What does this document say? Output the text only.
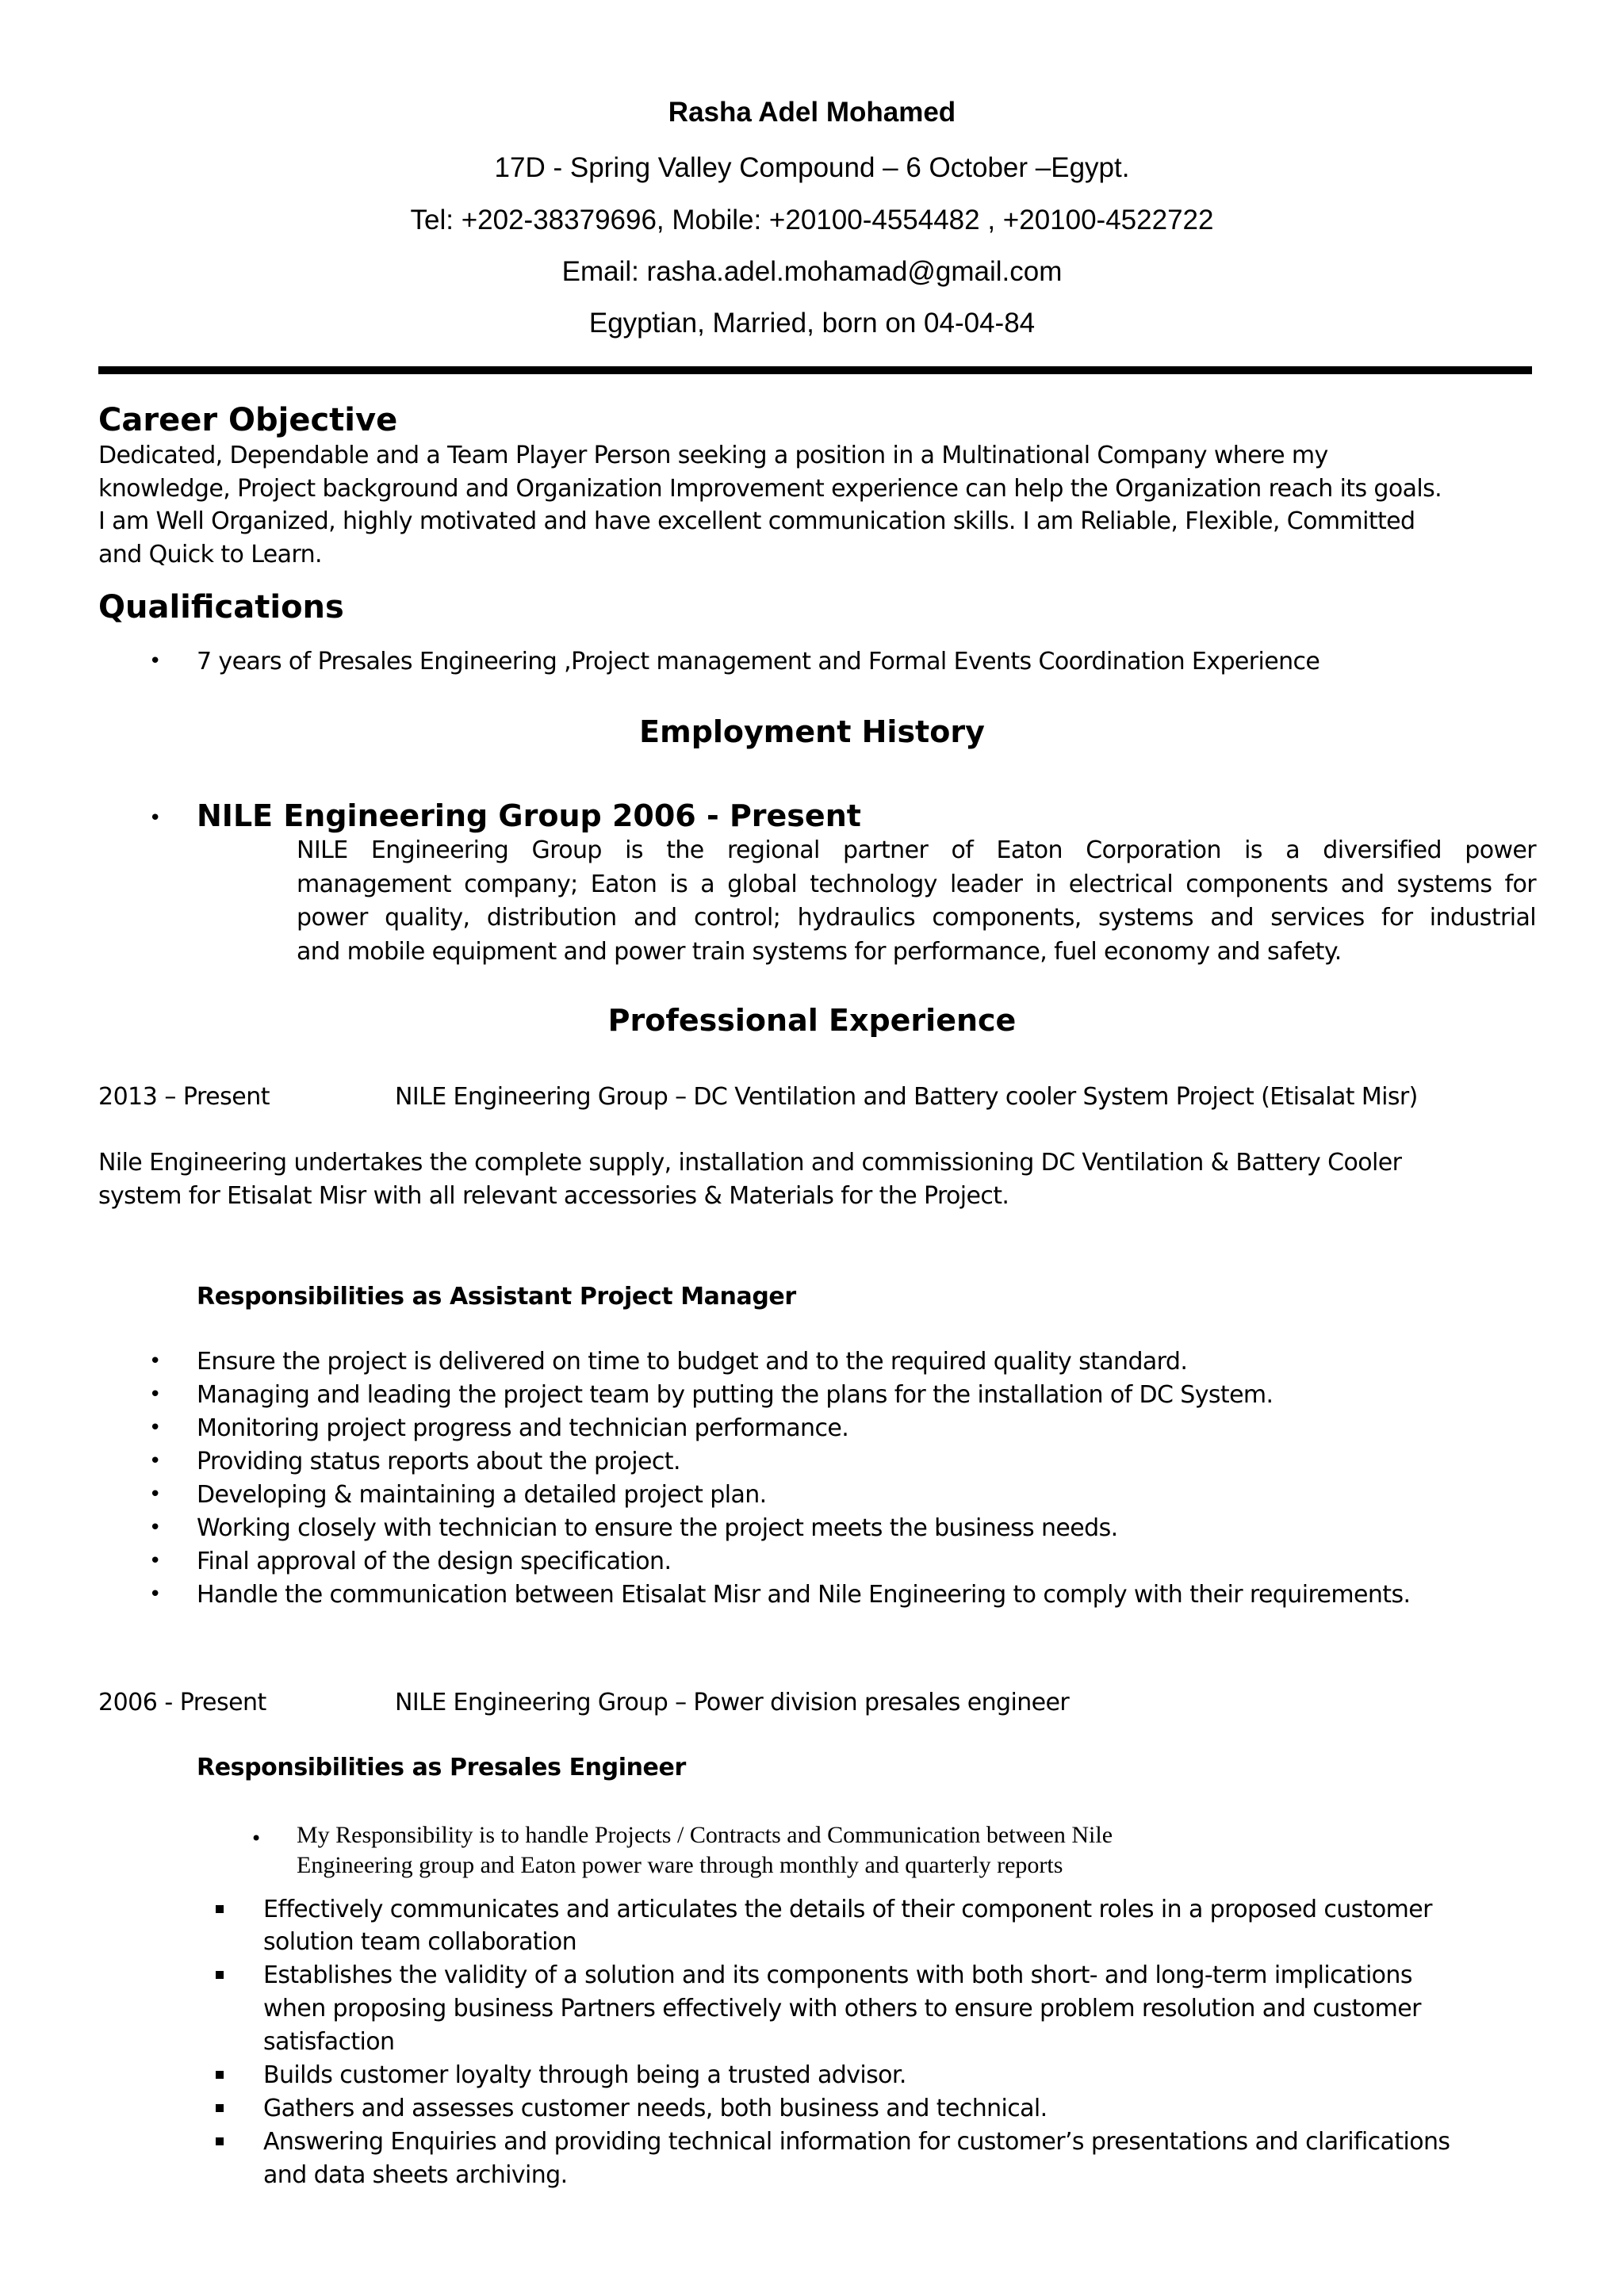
Rasha Adel Mohamed
17D - Spring Valley Compound – 6 October –Egypt.
Tel: +202-38379696, Mobile: +20100-4554482 , +20100-4522722
Email: rasha.adel.mohamad@gmail.com
Egyptian, Married, born on 04-04-84
Career Objective
Dedicated, Dependable and a Team Player Person seeking a position in a Multinational Company where my
knowledge, Project background and Organization Improvement experience can help the Organization reach its goals.
I am Well Organized, highly motivated and have excellent communication skills. I am Reliable, Flexible, Committed
and Quick to Learn.
Qualifications
• 7 years of Presales Engineering ,Project management and Formal Events Coordination Experience
Employment History
• NILE Engineering Group 2006 - Present
NILE Engineering Group is the regional partner of Eaton Corporation is a diversified power
management company; Eaton is a global technology leader in electrical components and systems for
power quality, distribution and control; hydraulics components, systems and services for industrial
and mobile equipment and power train systems for performance, fuel economy and safety.
Professional Experience
2013 – Present	NILE Engineering Group – DC Ventilation and Battery cooler System Project (Etisalat Misr)
Nile Engineering undertakes the complete supply, installation and commissioning DC Ventilation & Battery Cooler
system for Etisalat Misr with all relevant accessories & Materials for the Project.
Responsibilities as Assistant Project Manager
• Ensure the project is delivered on time to budget and to the required quality standard.
• Managing and leading the project team by putting the plans for the installation of DC System.
• Monitoring project progress and technician performance.
• Providing status reports about the project.
• Developing & maintaining a detailed project plan.
• Working closely with technician to ensure the project meets the business needs.
• Final approval of the design specification.
• Handle the communication between Etisalat Misr and Nile Engineering to comply with their requirements.
2006 - Present	NILE Engineering Group – Power division presales engineer
Responsibilities as Presales Engineer
• My Responsibility is to handle Projects / Contracts and Communication between Nile
Engineering group and Eaton power ware through monthly and quarterly reports
Effectively communicates and articulates the details of their component roles in a proposed customer
solution team collaboration
Establishes the validity of a solution and its components with both short- and long-term implications
when proposing business Partners effectively with others to ensure problem resolution and customer
satisfaction
Builds customer loyalty through being a trusted advisor.
Gathers and assesses customer needs, both business and technical.
Answering Enquiries and providing technical information for customer’s presentations and clarifications
and data sheets archiving.
